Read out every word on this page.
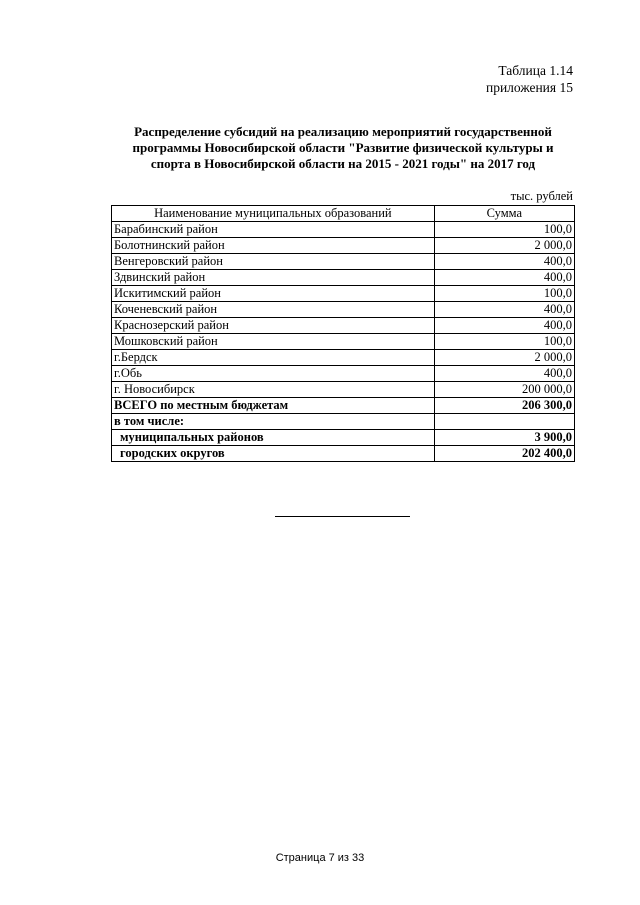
Таблица 1.14
приложения 15
Распределение субсидий на реализацию мероприятий государственной
программы Новосибирской области "Развитие физической культуры и
спорта в Новосибирской области на 2015 - 2021 годы" на 2017 год
тыс. рублей
Наименование муниципальных образований	Сумма
Барабинский район	100,0
Болотнинский район	2 000,0
Венгеровский район	400,0
Здвинский район	400,0
Искитимский район	100,0
Коченевский район	400,0
Краснозерский район	400,0
Мошковский район	100,0
г.Бердск	2 000,0
г.Обь	400,0
г. Новосибирск	200 000,0
ВСЕГО по местным бюджетам	206 300,0
в том числе:	
муниципальных районов	3 900,0
городских округов	202 400,0
Страница 7 из 33
